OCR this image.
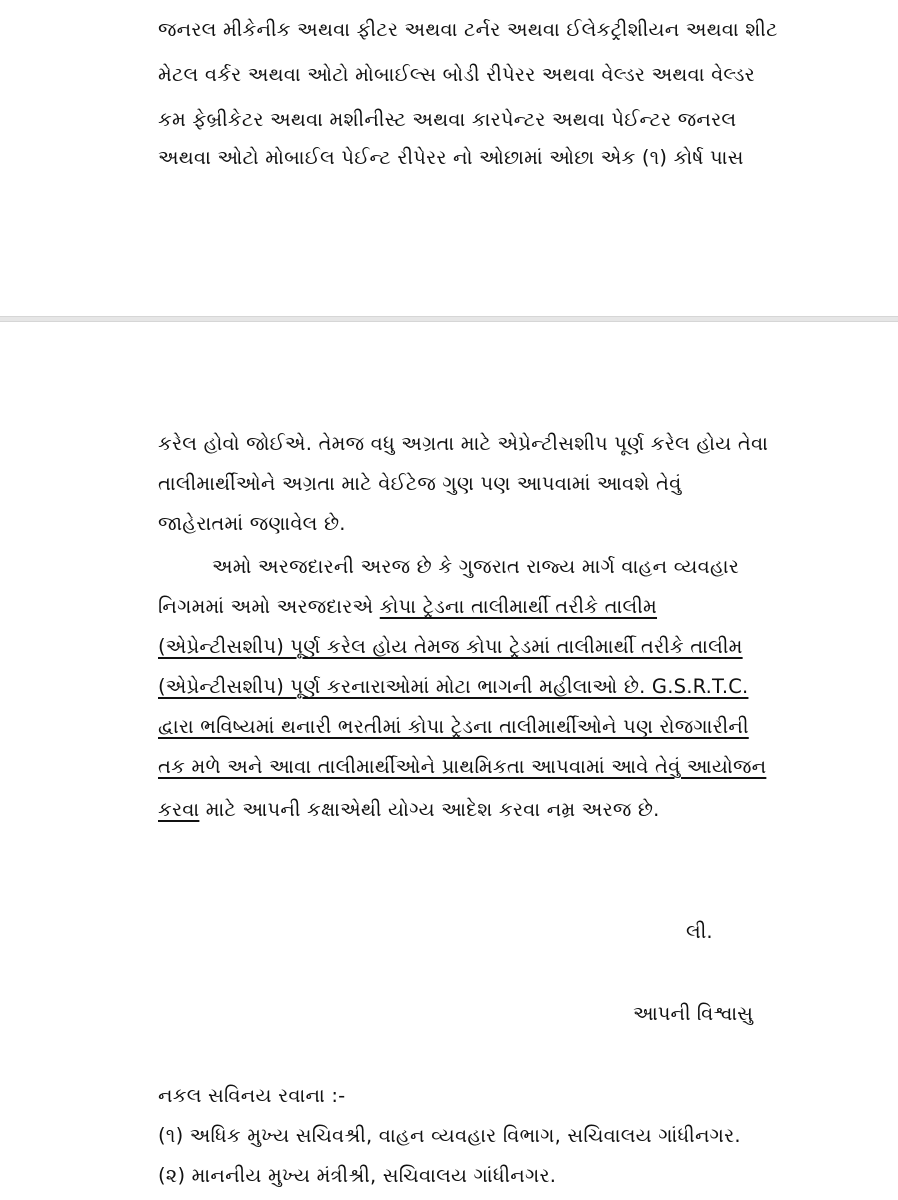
જનરલ મીકેનીક અથવા ફીટર અથવા ટર્નર અથવા ઈલેકટ્રીશીયન અથવા શીટ
મેટલ વર્કર અથવા ઓટો મોબાઈલ્સ બોડી રીપેરર અથવા વેલ્ડર અથવા વેલ્ડર
કમ ફેબ્રીકેટર અથવા મશીનીસ્ટ અથવા કારપેન્ટર અથવા પેઈન્ટર જનરલ
અથવા ઓટો મોબાઈલ પેઈન્ટ રીપેરર નો ઓછામાં ઓછા એક (૧) કોર્ષ પાસ
કરેલ હોવો જોઈએ. તેમજ વધુ અગ્રતા માટે એપ્રેન્ટીસશીપ પૂર્ણ કરેલ હોય તેવા
તાલીમાર્થીઓને અગ્રતા માટે વેઈટેજ ગુણ પણ આપવામાં આવશે તેવું
જાહેરાતમાં જણાવેલ છે.
અમો અરજદારની અરજ છે કે ગુજરાત રાજ્ય માર્ગ વાહન વ્યવહાર
નિગમમાં અમો અરજદારએ કોપા ટ્રેડના તાલીમાર્થી તરીકે તાલીમ
(એપ્રેન્ટીસશીપ) પૂર્ણ કરેલ હોય તેમજ કોપા ટ્રેડમાં તાલીમાર્થી તરીકે તાલીમ
(એપ્રેન્ટીસશીપ) પૂર્ણ કરનારાઓમાં મોટા ભાગની મહીલાઓ છે. G.S.R.T.C.
દ્વારા ભવિષ્યમાં થનારી ભરતીમાં કોપા ટ્રેડના તાલીમાર્થીઓને પણ રોજગારીની
તક મળે અને આવા તાલીમાર્થીઓને પ્રાથમિકતા આપવામાં આવે તેવું આયોજન
કરવા માટે આપની કક્ષાએથી યોગ્ય આદેશ કરવા નમ્ર અરજ છે.
લી.
આપની વિશ્વાસુ
નકલ સવિનય રવાના :-
(૧) અધિક મુખ્ય સચિવશ્રી, વાહન વ્યવહાર વિભાગ, સચિવાલય ગાંધીનગર.
(૨) માનનીય મુખ્ય મંત્રીશ્રી, સચિવાલય ગાંધીનગર.
